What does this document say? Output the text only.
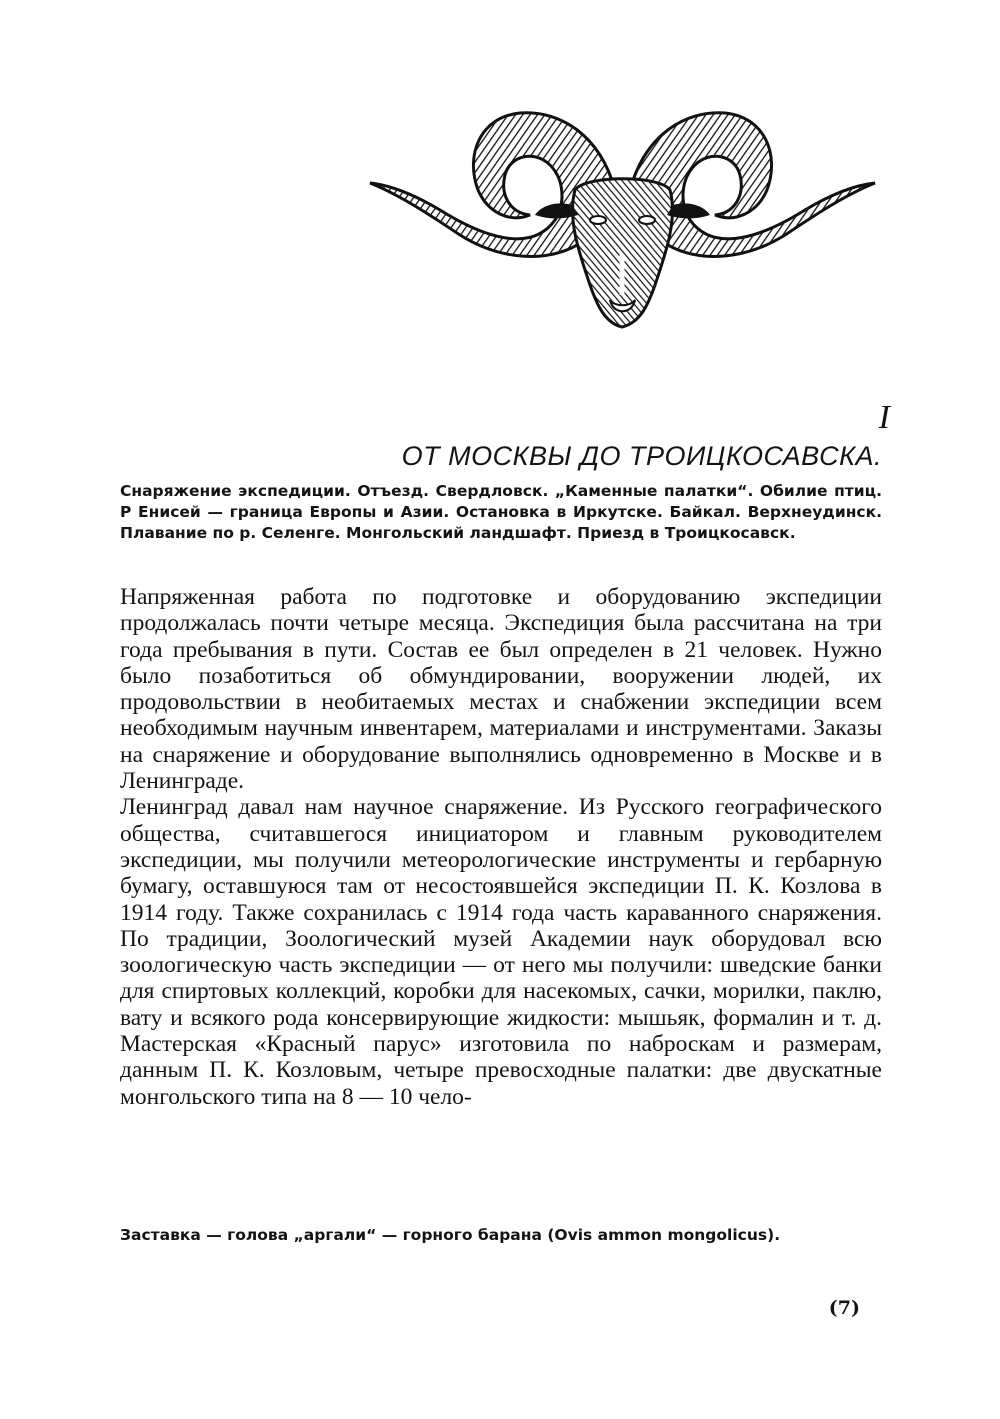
I
ОТ МОСКВЫ ДО ТРОИЦКОСАВСКА.
Снаряжение экспедиции. Отъезд. Свердловск. „Каменные палатки“. Обилие птиц. Р Енисей — граница Европы и Азии. Остановка в Иркутске. Байкал. Верхнеудинск. Плавание по р. Селенге. Монгольский ландшафт. Приезд в Троицкосавск.

Напряженная работа по подготовке и оборудованию экспедиции продолжалась почти четыре месяца. Экспедиция была рассчитана на три года пребывания в пути. Состав ее был определен в 21 человек. Нужно было позаботиться об обмундировании, вооружении людей, их продовольствии в необитаемых местах и снабжении экспедиции всем необходимым научным инвентарем, материалами и инструментами. Заказы на снаряжение и оборудование выполнялись одновременно в Москве и в Ленинграде.

Ленинград давал нам научное снаряжение. Из Русского географического общества, считавшегося инициатором и главным руководителем экспедиции, мы получили метеорологические инструменты и гербарную бумагу, оставшуюся там от несостоявшейся экспедиции П. К. Козлова в 1914 году. Также сохранилась с 1914 года часть караванного снаряжения. По традиции, Зоологический музей Академии наук оборудовал всю зоологическую часть экспедиции — от него мы получили: шведские банки для спиртовых коллекций, коробки для насекомых, сачки, морилки, паклю, вату и всякого рода консервирующие жидкости: мышьяк, формалин и т. д. Мастерская «Красный парус» изготовила по наброскам и размерам, данным П. К. Козловым, четыре превосходные палатки: две двускатные монгольского типа на 8 — 10 чело-

Заставка — голова „аргали“ — горного барана (Ovis ammon mongolicus).
(7)
